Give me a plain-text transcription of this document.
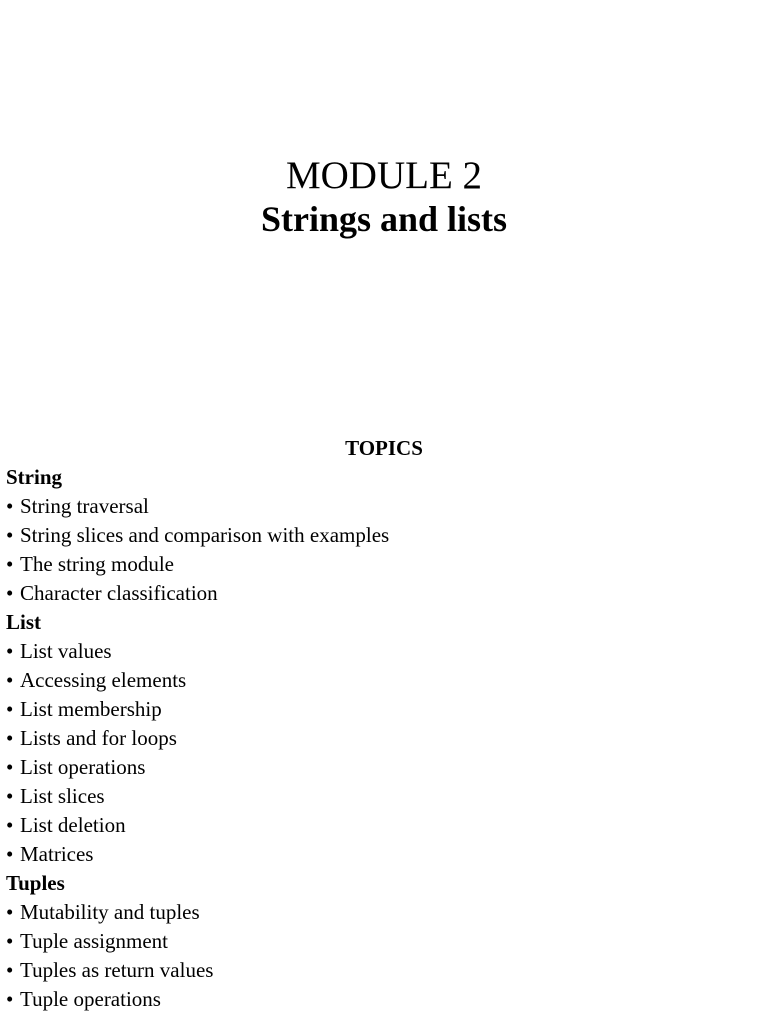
MODULE 2
Strings and lists
TOPICS
String
• String traversal
• String slices and comparison with examples
• The string module
• Character classification
List
• List values
• Accessing elements
• List membership
• Lists and for loops
• List operations
• List slices
• List deletion
• Matrices
Tuples
• Mutability and tuples
• Tuple assignment
• Tuples as return values
• Tuple operations
